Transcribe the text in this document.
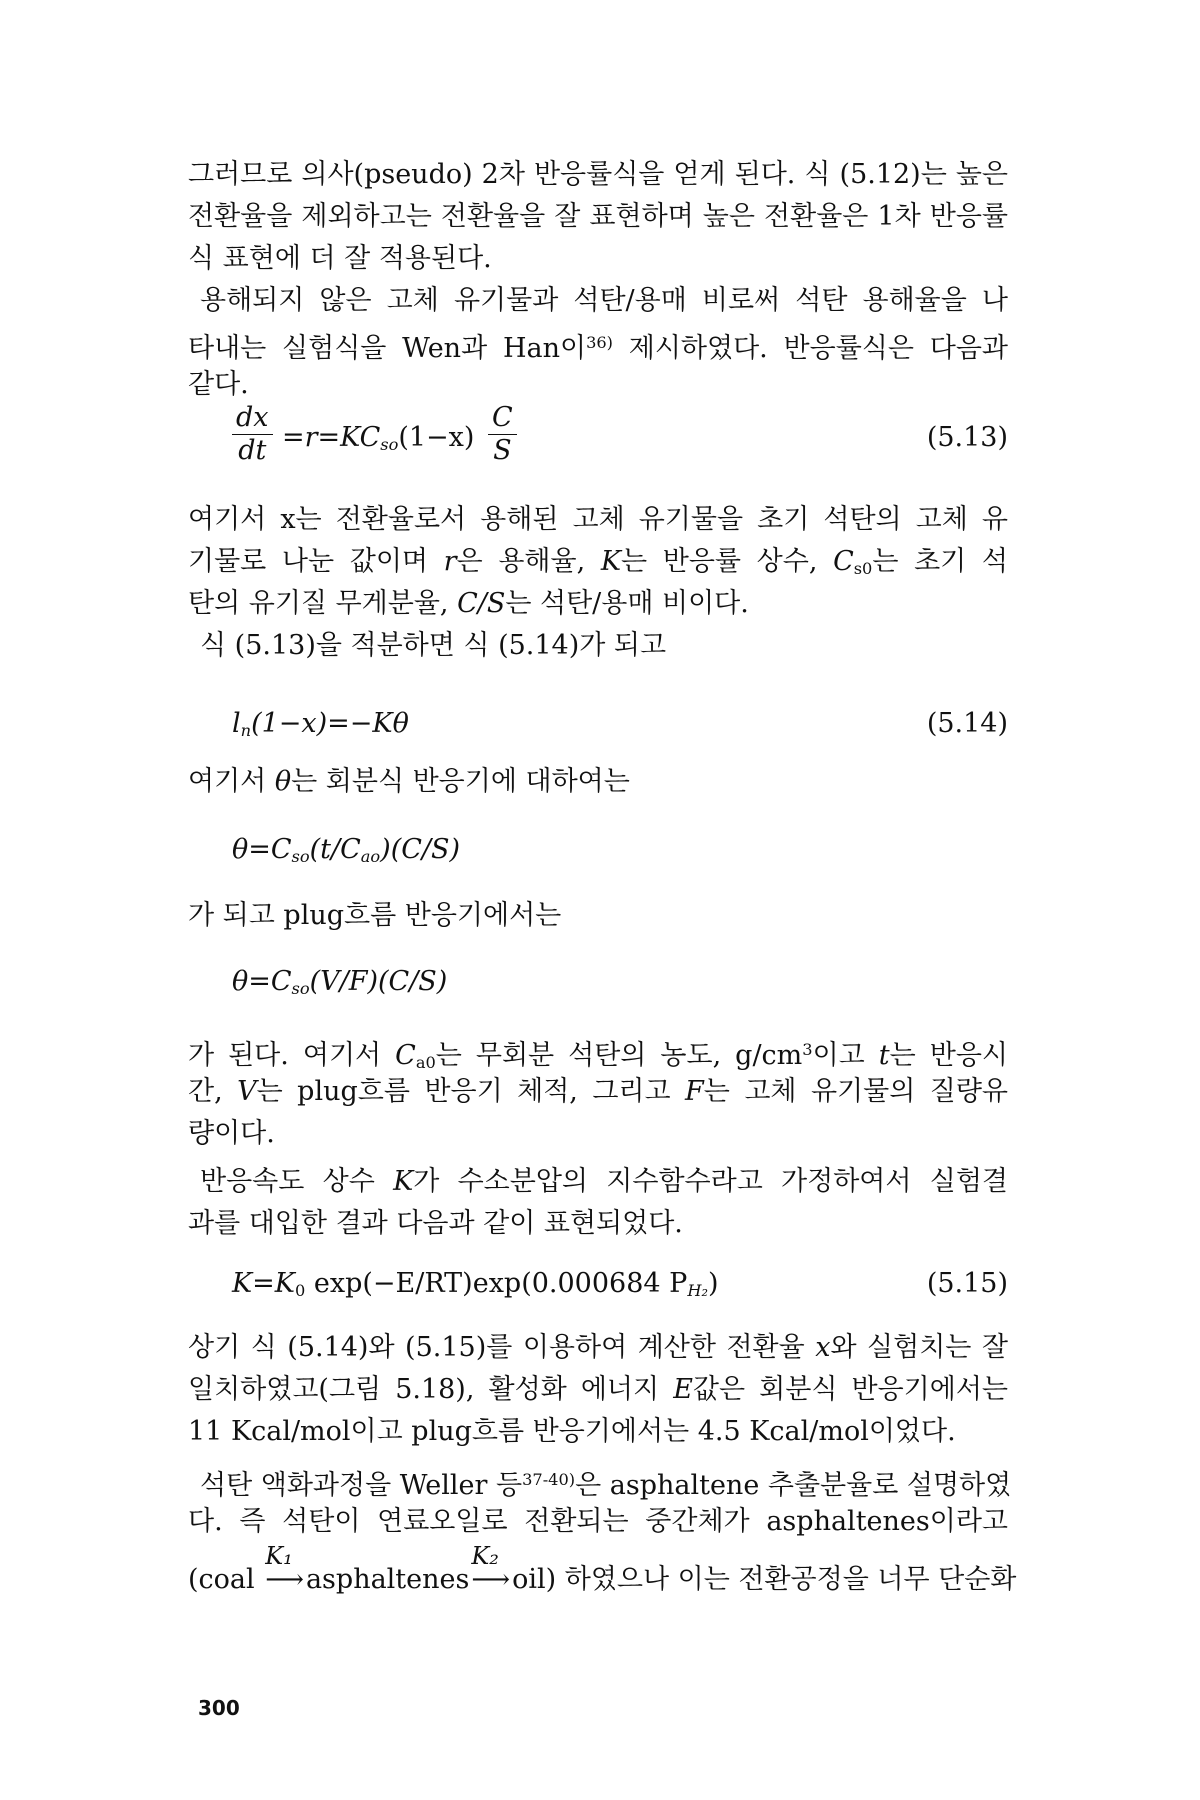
그러므로 의사(pseudo) 2차 반응률식을 얻게 된다. 식 (5.12)는 높은
전환율을 제외하고는 전환율을 잘 표현하며 높은 전환율은 1차 반응률
식 표현에 더 잘 적용된다.
용해되지 않은 고체 유기물과 석탄/용매 비로써 석탄 용해율을 나
타내는 실험식을 Wen과 Han이$^{36)}$ 제시하였다. 반응률식은 다음과
같다.
$\frac{dx}{dt} =r=KC_{so}(1-x) \frac{C}{S}$	(5.13)
여기서 x는 전환율로서 용해된 고체 유기물을 초기 석탄의 고체 유
기물로 나눈 값이며 r은 용해율, K는 반응률 상수, $C_{s0}$는 초기 석
탄의 유기질 무게분율, C/S는 석탄/용매 비이다.
식 (5.13)을 적분하면 식 (5.14)가 되고
$l_n(1-x)=-K\theta$	(5.14)
여기서 θ는 회분식 반응기에 대하여는
$\theta=C_{so}(t/C_{ao})(C/S)$
가 되고 plug흐름 반응기에서는
$\theta=C_{so}(V/F)(C/S)$
가 된다. 여기서 $C_{a0}$는 무회분 석탄의 농도, $g/cm^3$이고 t는 반응시
간, V는 plug흐름 반응기 체적, 그리고 F는 고체 유기물의 질량유
량이다.
반응속도 상수 K가 수소분압의 지수함수라고 가정하여서 실험결
과를 대입한 결과 다음과 같이 표현되었다.
$K=K_0$ exp(−E/RT)exp(0.000684 $P_{H_2}$)	(5.15)
상기 식 (5.14)와 (5.15)를 이용하여 계산한 전환율 x와 실험치는 잘
일치하였고(그림 5.18), 활성화 에너지 E값은 회분식 반응기에서는
11 Kcal/mol이고 plug흐름 반응기에서는 4.5 Kcal/mol이었다.
석탄 액화과정을 Weller 등$^{37-40)}$은 asphaltene 추출분율로 설명하였
다. 즉 석탄이 연료오일로 전환되는 중간체가 asphaltenes이라고
(coal
K₁
⟶asphaltenes
K₂
⟶oil) 하였으나 이는 전환공정을 너무 단순화
300
